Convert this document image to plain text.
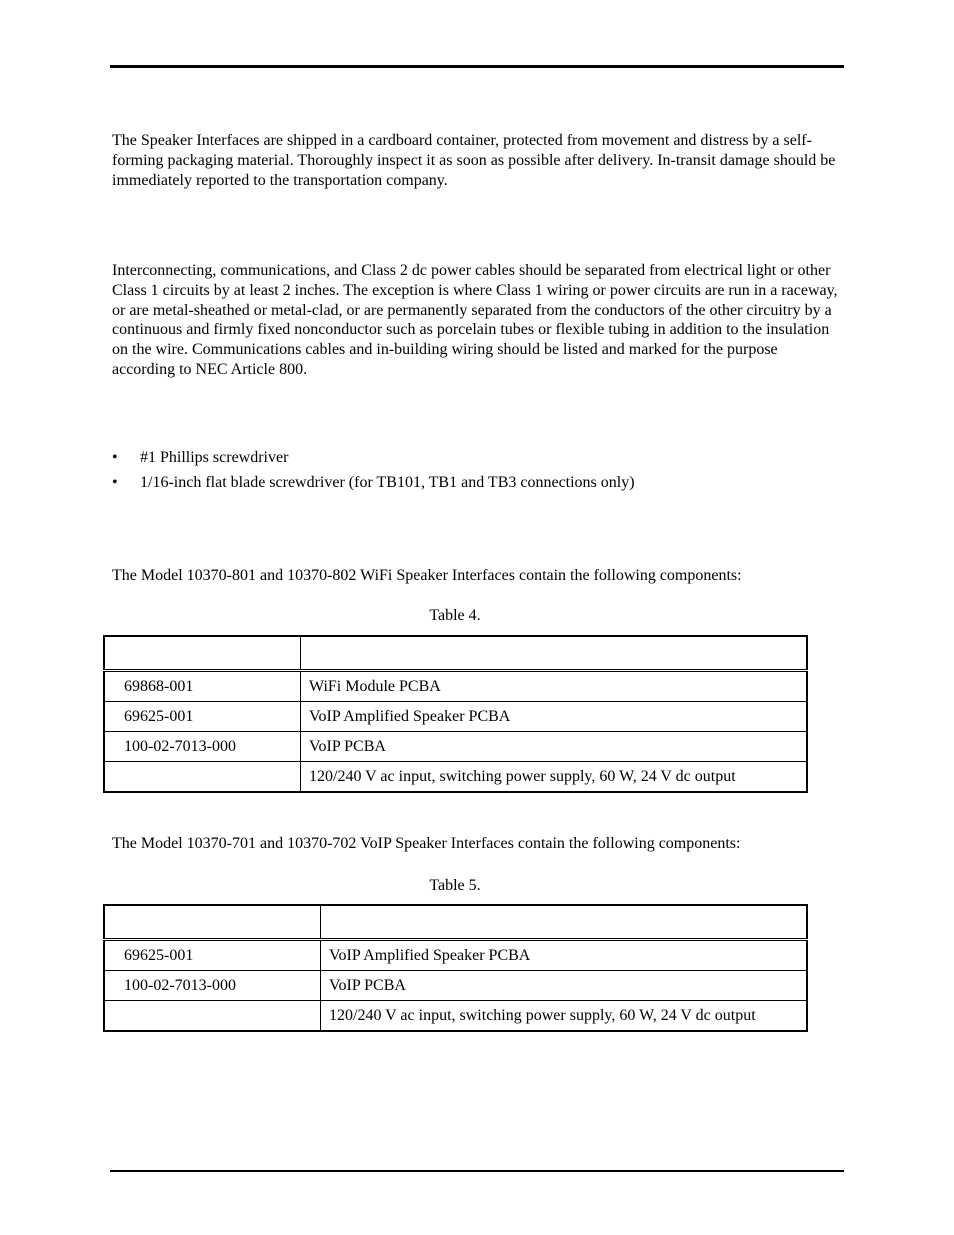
The Speaker Interfaces are shipped in a cardboard container, protected from movement and distress by a self-forming packaging material. Thoroughly inspect it as soon as possible after delivery. In-transit damage should be immediately reported to the transportation company.

Interconnecting, communications, and Class 2 dc power cables should be separated from electrical light or other Class 1 circuits by at least 2 inches. The exception is where Class 1 wiring or power circuits are run in a raceway, or are metal-sheathed or metal-clad, or are permanently separated from the conductors of the other circuitry by a continuous and firmly fixed nonconductor such as porcelain tubes or flexible tubing in addition to the insulation on the wire. Communications cables and in-building wiring should be listed and marked for the purpose according to NEC Article 800.

• #1 Phillips screwdriver
• 1/16-inch flat blade screwdriver (for TB101, TB1 and TB3 connections only)

The Model 10370-801 and 10370-802 WiFi Speaker Interfaces contain the following components:

Table 4.

69868-001	WiFi Module PCBA
69625-001	VoIP Amplified Speaker PCBA
100-02-7013-000	VoIP PCBA
	120/240 V ac input, switching power supply, 60 W, 24 V dc output

The Model 10370-701 and 10370-702 VoIP Speaker Interfaces contain the following components:

Table 5.

69625-001	VoIP Amplified Speaker PCBA
100-02-7013-000	VoIP PCBA
	120/240 V ac input, switching power supply, 60 W, 24 V dc output
